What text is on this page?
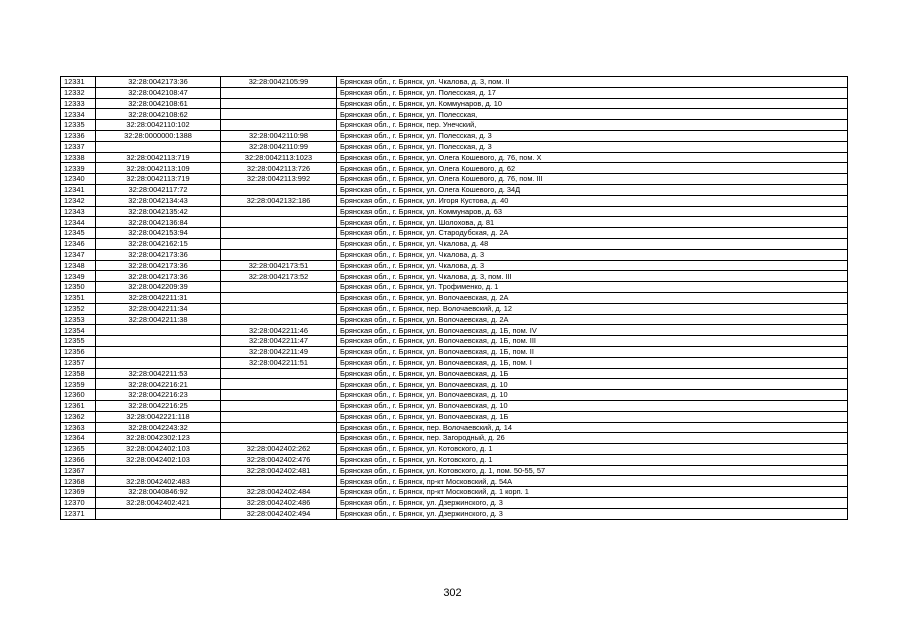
12331	32:28:0042173:36	32:28:0042105:99	Брянская обл., г. Брянск, ул. Чкалова, д. 3, пом. II
12332	32:28:0042108:47		Брянская обл., г. Брянск, ул. Полесская, д. 17
12333	32:28:0042108:61		Брянская обл., г. Брянск, ул. Коммунаров, д. 10
12334	32:28:0042108:62		Брянская обл., г. Брянск, ул. Полесская,
12335	32:28:0042110:102		Брянская обл., г. Брянск, пер. Унечский,
12336	32:28:0000000:1388	32:28:0042110:98	Брянская обл., г. Брянск, ул. Полесская, д. 3
12337		32:28:0042110:99	Брянская обл., г. Брянск, ул. Полесская, д. 3
12338	32:28:0042113:719	32:28:0042113:1023	Брянская обл., г. Брянск, ул. Олега Кошевого, д. 76, пом. X
12339	32:28:0042113:109	32:28:0042113:726	Брянская обл., г. Брянск, ул. Олега Кошевого, д. 62
12340	32:28:0042113:719	32:28:0042113:992	Брянская обл., г. Брянск, ул. Олега Кошевого, д. 76, пом. III
12341	32:28:0042117:72		Брянская обл., г. Брянск, ул. Олега Кошевого, д. 34Д
12342	32:28:0042134:43	32:28:0042132:186	Брянская обл., г. Брянск, ул. Игоря Кустова, д. 40
12343	32:28:0042135:42		Брянская обл., г. Брянск, ул. Коммунаров, д. 63
12344	32:28:0042136:84		Брянская обл., г. Брянск, ул. Шолохова, д. 81
12345	32:28:0042153:94		Брянская обл., г. Брянск, ул. Стародубская, д. 2А
12346	32:28:0042162:15		Брянская обл., г. Брянск, ул. Чкалова, д. 48
12347	32:28:0042173:36		Брянская обл., г. Брянск, ул. Чкалова, д. 3
12348	32:28:0042173:36	32:28:0042173:51	Брянская обл., г. Брянск, ул. Чкалова, д. 3
12349	32:28:0042173:36	32:28:0042173:52	Брянская обл., г. Брянск, ул. Чкалова, д. 3, пом. III
12350	32:28:0042209:39		Брянская обл., г. Брянск, ул. Трофименко, д. 1
12351	32:28:0042211:31		Брянская обл., г. Брянск, ул. Волочаевская, д. 2А
12352	32:28:0042211:34		Брянская обл., г. Брянск, пер. Волочаевский, д. 12
12353	32:28:0042211:38		Брянская обл., г. Брянск, ул. Волочаевская, д. 2А
12354		32:28:0042211:46	Брянская обл., г. Брянск, ул. Волочаевская, д. 1Б, пом. IV
12355		32:28:0042211:47	Брянская обл., г. Брянск, ул. Волочаевская, д. 1Б, пом. III
12356		32:28:0042211:49	Брянская обл., г. Брянск, ул. Волочаевская, д. 1Б, пом. II
12357		32:28:0042211:51	Брянская обл., г. Брянск, ул. Волочаевская, д. 1Б, пом. I
12358	32:28:0042211:53		Брянская обл., г. Брянск, ул. Волочаевская, д. 1Б
12359	32:28:0042216:21		Брянская обл., г. Брянск, ул. Волочаевская, д. 10
12360	32:28:0042216:23		Брянская обл., г. Брянск, ул. Волочаевская, д. 10
12361	32:28:0042216:25		Брянская обл., г. Брянск, ул. Волочаевская, д. 10
12362	32:28:0042221:118		Брянская обл., г. Брянск, ул. Волочаевская, д. 1Б
12363	32:28:0042243:32		Брянская обл., г. Брянск, пер. Волочаевский, д. 14
12364	32:28:0042302:123		Брянская обл., г. Брянск, пер. Загородный, д. 26
12365	32:28:0042402:103	32:28:0042402:262	Брянская обл., г. Брянск, ул. Котовского, д. 1
12366	32:28:0042402:103	32:28:0042402:476	Брянская обл., г. Брянск, ул. Котовского, д. 1
12367		32:28:0042402:481	Брянская обл., г. Брянск, ул. Котовского, д. 1, пом. 50-55, 57
12368	32:28:0042402:483		Брянская обл., г. Брянск, пр-кт Московский, д. 54А
12369	32:28:0040846:92	32:28:0042402:484	Брянская обл., г. Брянск, пр-кт Московский, д. 1 корп. 1
12370	32:28:0042402:421	32:28:0042402:486	Брянская обл., г. Брянск, ул. Дзержинского, д. 3
12371		32:28:0042402:494	Брянская обл., г. Брянск, ул. Дзержинского, д. 3
302
